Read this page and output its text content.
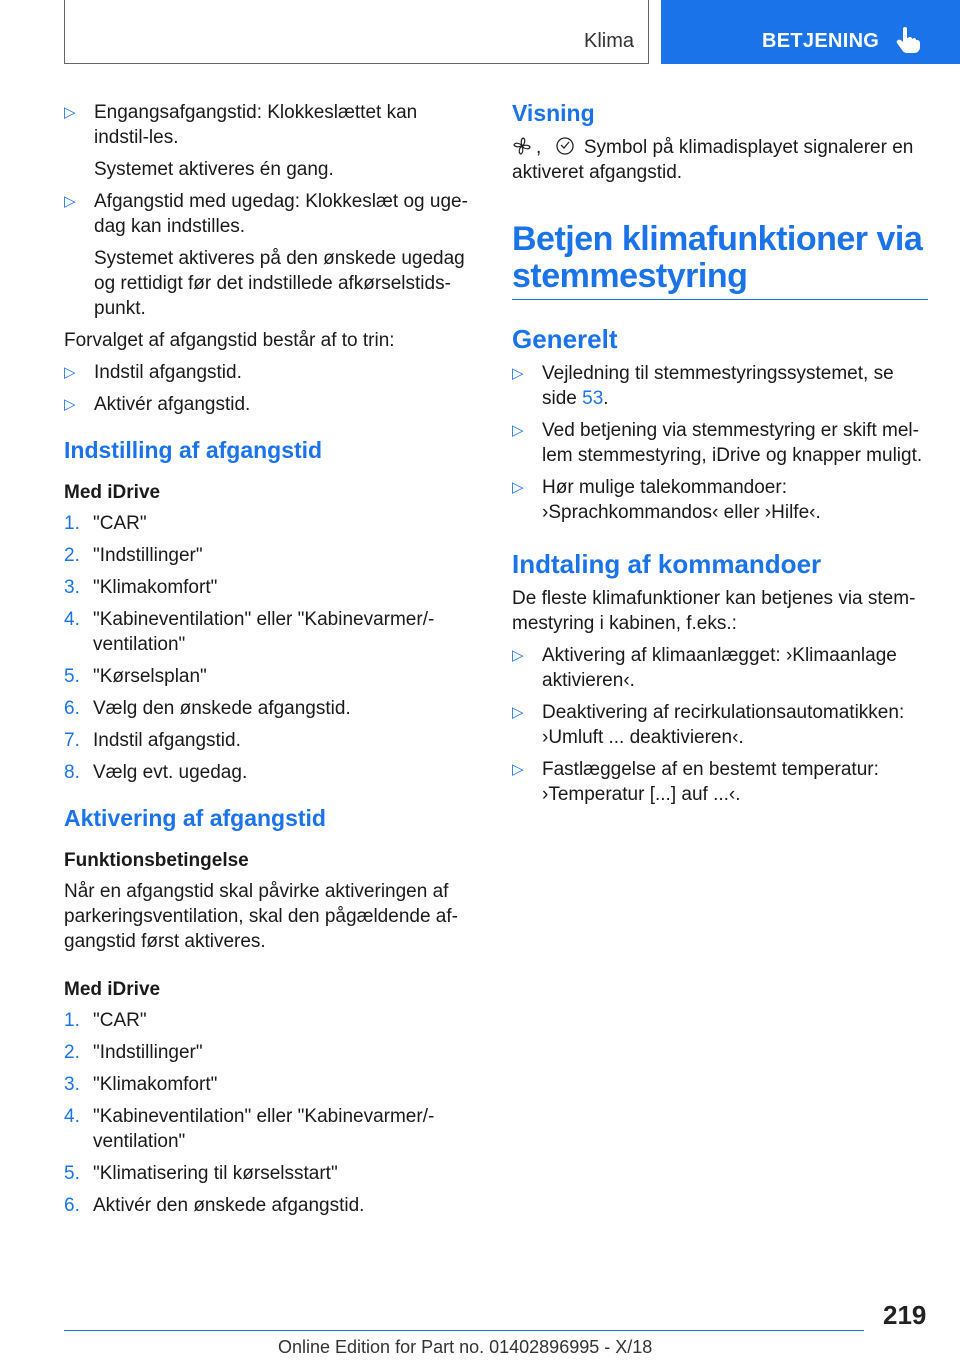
Klima	BETJENING
▷ Engangsafgangstid: Klokkeslættet kan indstil-les.

Systemet aktiveres én gang.

▷ Afgangstid med ugedag: Klokkeslæt og uge-dag kan indstilles.

Systemet aktiveres på den ønskede ugedag og rettidigt før det indstillede afkørselstids-punkt.

Forvalget af afgangstid består af to trin:

▷ Indstil afgangstid.
▷ Aktivér afgangstid.
Indstilling af afgangstid
Med iDrive
1. "CAR"
2. "Indstillinger"
3. "Klimakomfort"
4. "Kabineventilation" eller "Kabinevarmer/-ventilation"
5. "Kørselsplan"
6. Vælg den ønskede afgangstid.
7. Indstil afgangstid.
8. Vælg evt. ugedag.
Aktivering af afgangstid
Funktionsbetingelse

Når en afgangstid skal påvirke aktiveringen af parkeringsventilation, skal den pågældende af-gangstid først aktiveres.

Med iDrive
1. "CAR"
2. "Indstillinger"
3. "Klimakomfort"
4. "Kabineventilation" eller "Kabinevarmer/-ventilation"
5. "Klimatisering til kørselsstart"
6. Aktivér den ønskede afgangstid.
Visning

, Symbol på klimadisplayet signalerer en aktiveret afgangstid.

Betjen klimafunktioner via
stemmestyring
Generelt
▷ Vejledning til stemmestyringssystemet, se side 53.
▷ Ved betjening via stemmestyring er skift mel-lem stemmestyring, iDrive og knapper muligt.
▷ Hør mulige talekommandoer: ›Sprachkommandos‹ eller ›Hilfe‹.
Indtaling af kommandoer

De fleste klimafunktioner kan betjenes via stem-mestyring i kabinen, f.eks.:

▷ Aktivering af klimaanlægget: ›Klimaanlage aktivieren‹.
▷ Deaktivering af recirkulationsautomatikken: ›Umluft ... deaktivieren‹.
▷ Fastlæggelse af en bestemt temperatur: ›Temperatur [...] auf ...‹.
219
Online Edition for Part no. 01402896995 - X/18
